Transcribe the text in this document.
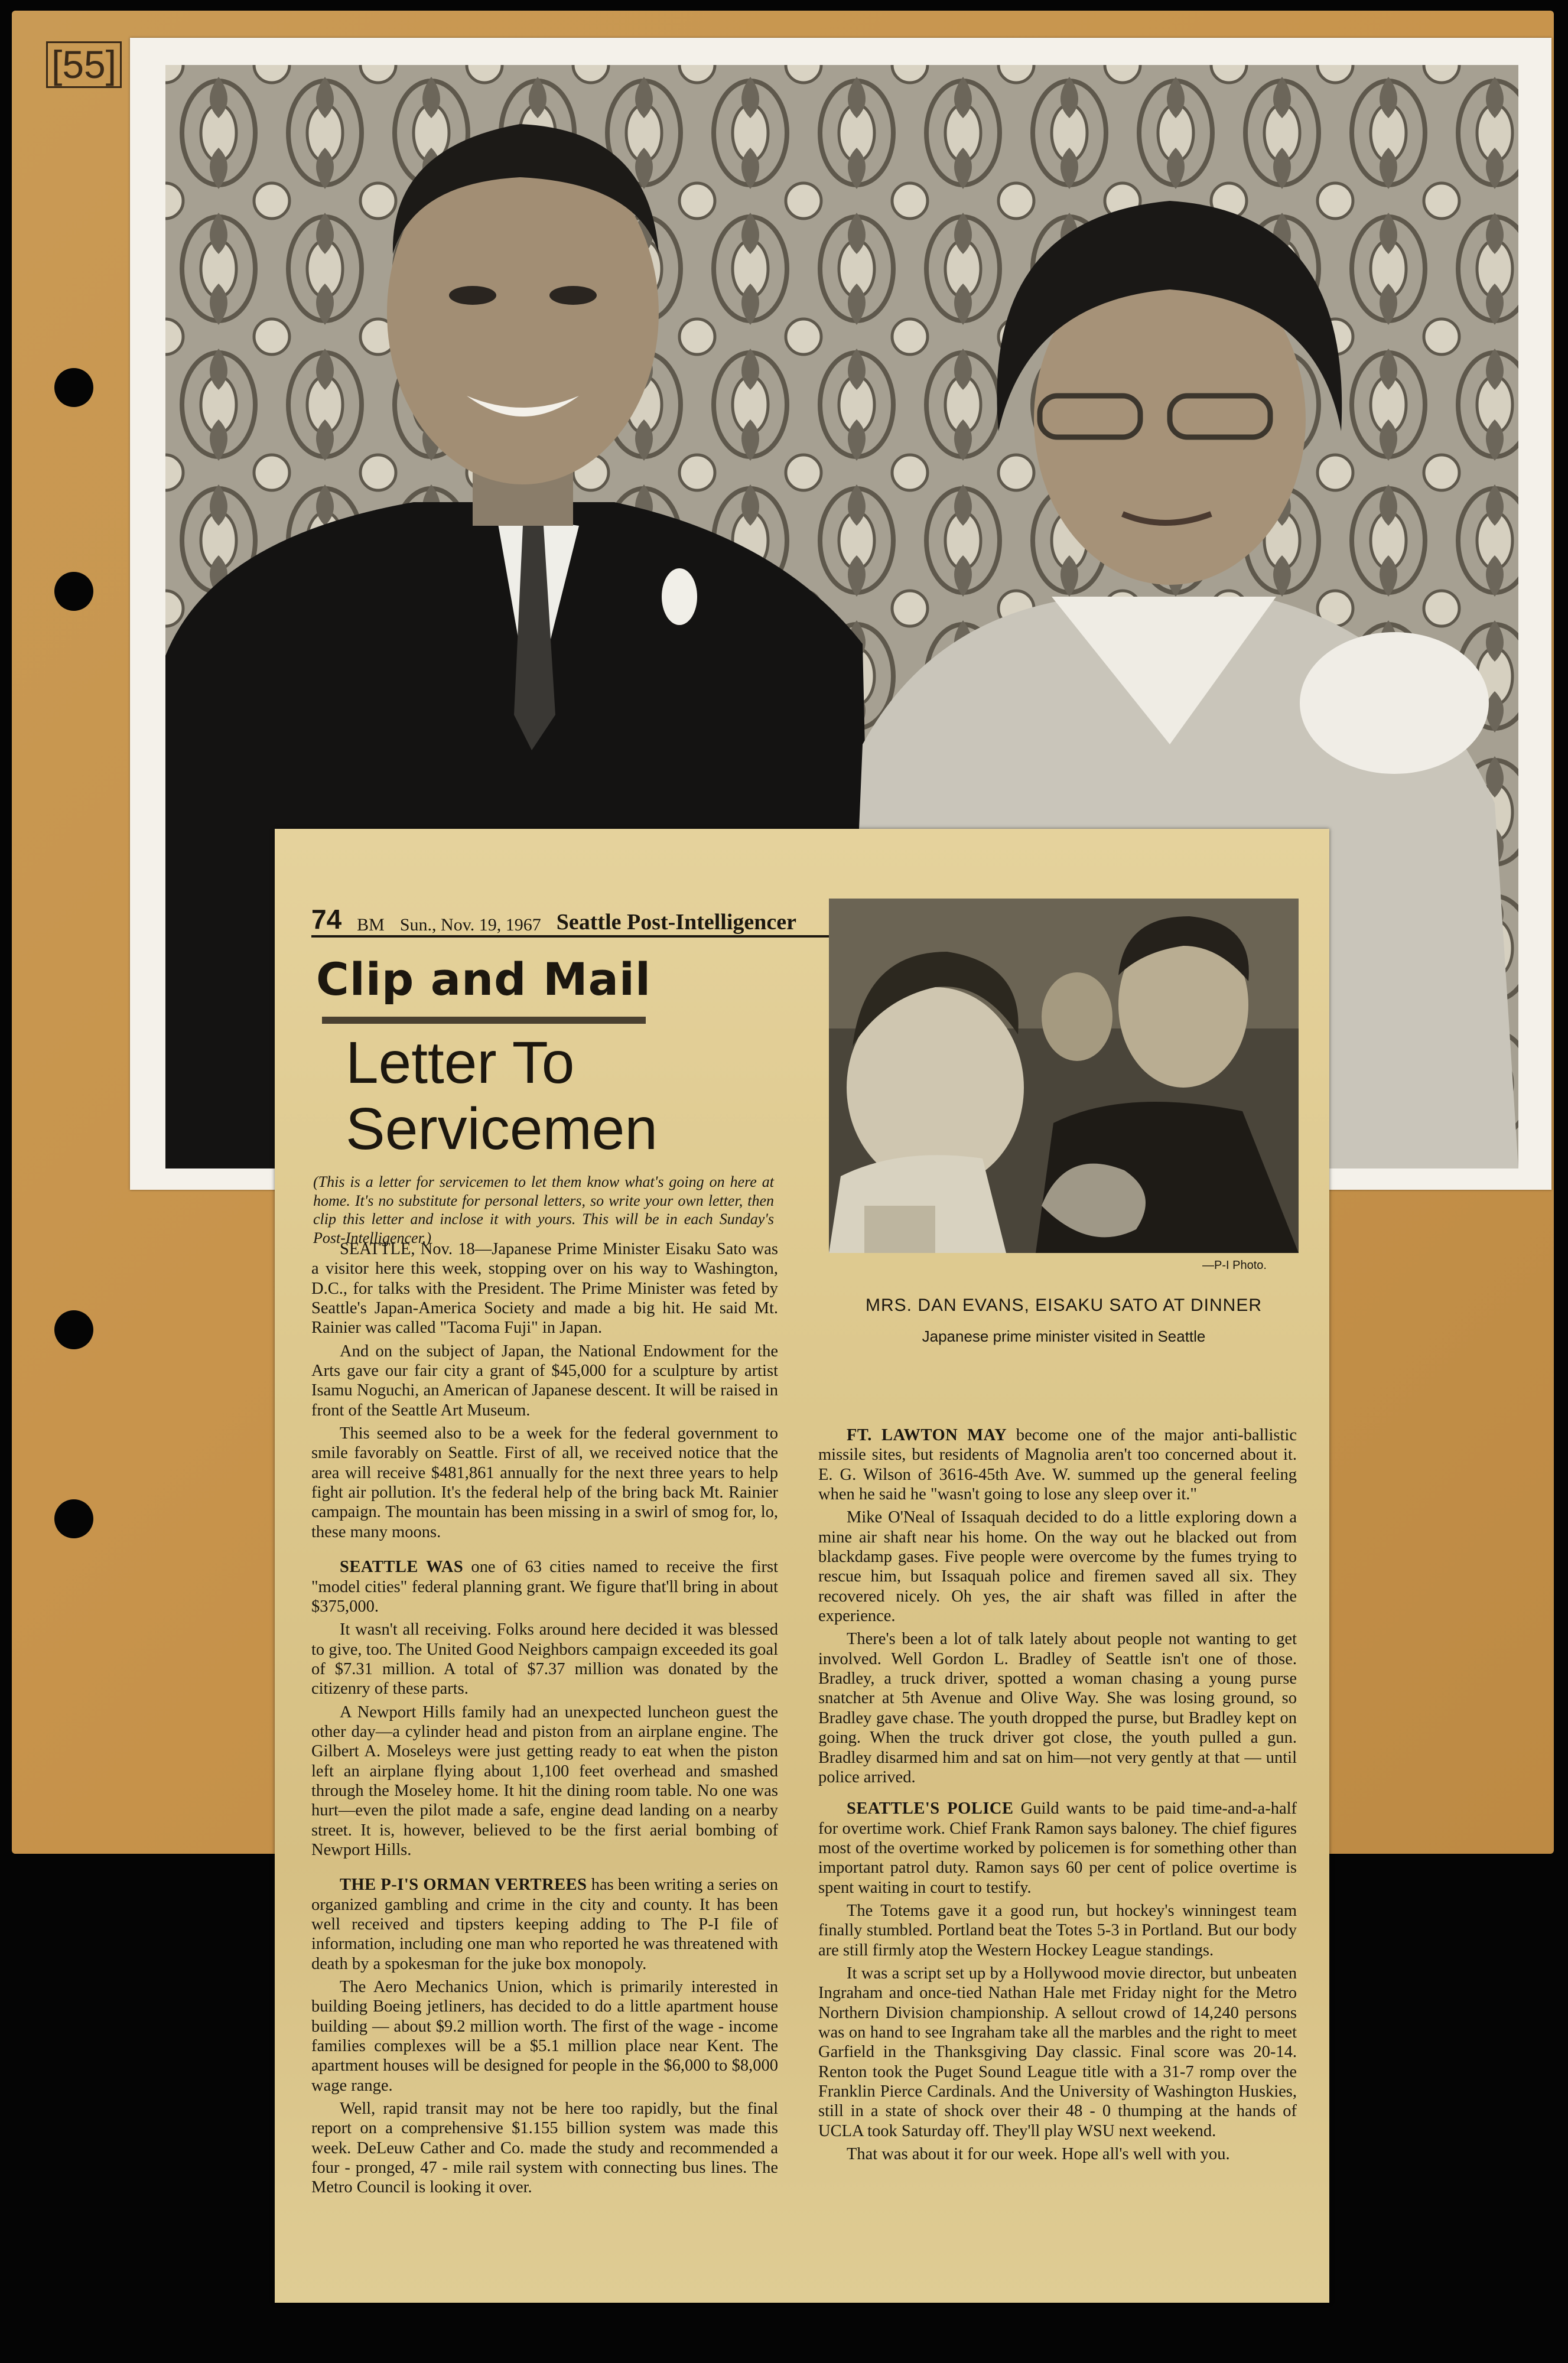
[55]
74 BM Sun., Nov. 19, 1967 Seattle Post-Intelligencer
Clip and Mail
Letter To
Servicemen
(This is a letter for servicemen to let them know what's going on here at home. It's no substitute for personal letters, so write your own letter, then clip this letter and inclose it with yours. This will be in each Sunday's Post-Intelligencer.)

SEATTLE, Nov. 18—Japanese Prime Minister Eisaku Sato was a visitor here this week, stopping over on his way to Washington, D.C., for talks with the President. The Prime Minister was feted by Seattle's Japan-America Society and made a big hit. He said Mt. Rainier was called "Tacoma Fuji" in Japan.

And on the subject of Japan, the National Endowment for the Arts gave our fair city a grant of $45,000 for a sculpture by artist Isamu Noguchi, an American of Japanese descent. It will be raised in front of the Seattle Art Museum.

This seemed also to be a week for the federal government to smile favorably on Seattle. First of all, we received notice that the area will receive $481,861 annually for the next three years to help fight air pollution. It's the federal help of the bring back Mt. Rainier campaign. The mountain has been missing in a swirl of smog for, lo, these many moons.

SEATTLE WAS one of 63 cities named to receive the first "model cities" federal planning grant. We figure that'll bring in about $375,000.

It wasn't all receiving. Folks around here decided it was blessed to give, too. The United Good Neighbors campaign exceeded its goal of $7.31 million. A total of $7.37 million was donated by the citizenry of these parts.

A Newport Hills family had an unexpected luncheon guest the other day—a cylinder head and piston from an airplane engine. The Gilbert A. Moseleys were just getting ready to eat when the piston left an airplane flying about 1,100 feet overhead and smashed through the Moseley home. It hit the dining room table. No one was hurt—even the pilot made a safe, engine dead landing on a nearby street. It is, however, believed to be the first aerial bombing of Newport Hills.

THE P-I'S ORMAN VERTREES has been writing a series on organized gambling and crime in the city and county. It has been well received and tipsters keeping adding to The P-I file of information, including one man who reported he was threatened with death by a spokesman for the juke box monopoly.

The Aero Mechanics Union, which is primarily interested in building Boeing jetliners, has decided to do a little apartment house building — about $9.2 million worth. The first of the wage - income families complexes will be a $5.1 million place near Kent. The apartment houses will be designed for people in the $6,000 to $8,000 wage range.

Well, rapid transit may not be here too rapidly, but the final report on a comprehensive $1.155 billion system was made this week. DeLeuw Cather and Co. made the study and recommended a four - pronged, 47 - mile rail system with connecting bus lines. The Metro Council is looking it over.

—P-I Photo.
MRS. DAN EVANS, EISAKU SATO AT DINNER
Japanese prime minister visited in Seattle

FT. LAWTON MAY become one of the major anti-ballistic missile sites, but residents of Magnolia aren't too concerned about it. E. G. Wilson of 3616-45th Ave. W. summed up the general feeling when he said he "wasn't going to lose any sleep over it."

Mike O'Neal of Issaquah decided to do a little exploring down a mine air shaft near his home. On the way out he blacked out from blackdamp gases. Five people were overcome by the fumes trying to rescue him, but Issaquah police and firemen saved all six. They recovered nicely. Oh yes, the air shaft was filled in after the experience.

There's been a lot of talk lately about people not wanting to get involved. Well Gordon L. Bradley of Seattle isn't one of those. Bradley, a truck driver, spotted a woman chasing a young purse snatcher at 5th Avenue and Olive Way. She was losing ground, so Bradley gave chase. The youth dropped the purse, but Bradley kept on going. When the truck driver got close, the youth pulled a gun. Bradley disarmed him and sat on him—not very gently at that — until police arrived.

SEATTLE'S POLICE Guild wants to be paid time-and-a-half for overtime work. Chief Frank Ramon says baloney. The chief figures most of the overtime worked by policemen is for something other than important patrol duty. Ramon says 60 per cent of police overtime is spent waiting in court to testify.

The Totems gave it a good run, but hockey's winningest team finally stumbled. Portland beat the Totes 5-3 in Portland. But our body are still firmly atop the Western Hockey League standings.

It was a script set up by a Hollywood movie director, but unbeaten Ingraham and once-tied Nathan Hale met Friday night for the Metro Northern Division championship. A sellout crowd of 14,240 persons was on hand to see Ingraham take all the marbles and the right to meet Garfield in the Thanksgiving Day classic. Final score was 20-14. Renton took the Puget Sound League title with a 31-7 romp over the Franklin Pierce Cardinals. And the University of Washington Huskies, still in a state of shock over their 48 - 0 thumping at the hands of UCLA took Saturday off. They'll play WSU next weekend.

That was about it for our week. Hope all's well with you.
